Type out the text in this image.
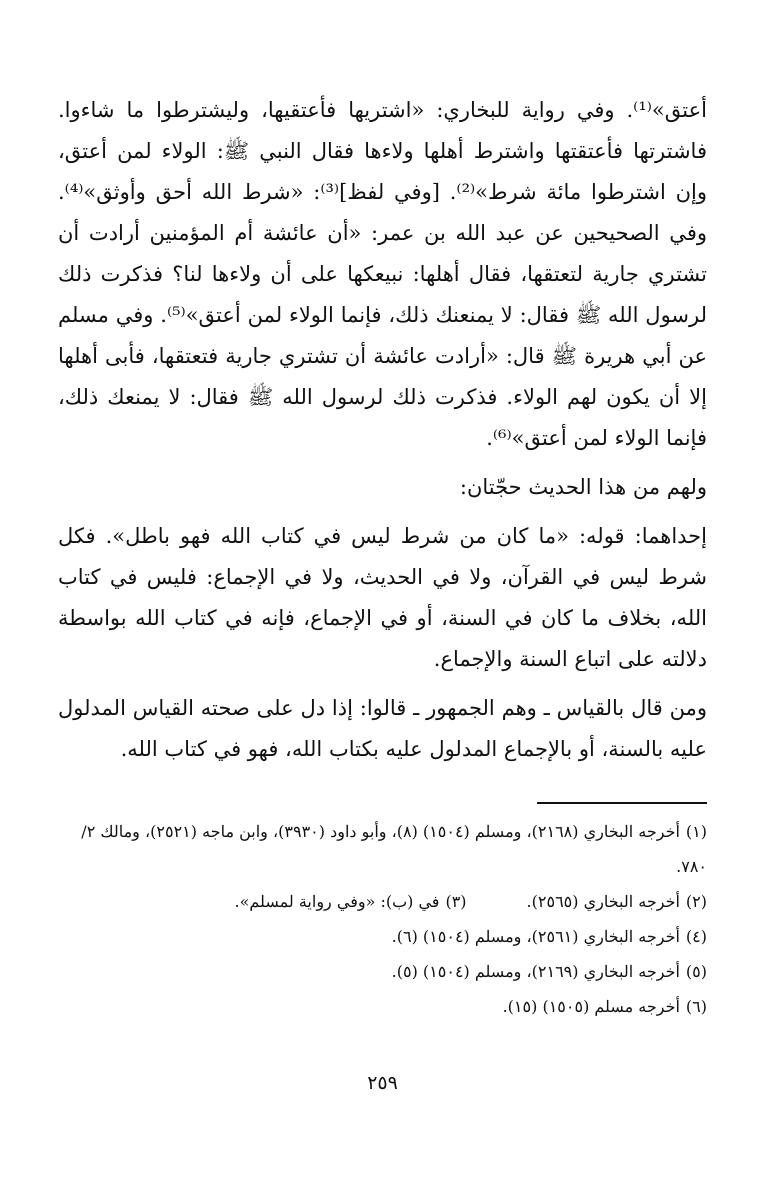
أعتق»⁽¹⁾. وفي رواية للبخاري: «اشتريها فأعتقيها، وليشترطوا ما شاءوا. فاشترتها فأعتقتها واشترط أهلها ولاءها فقال النبي ﷺ: الولاء لمن أعتق، وإن اشترطوا مائة شرط»⁽²⁾. [وفي لفظ]⁽³⁾: «شرط الله أحق وأوثق»⁽⁴⁾. وفي الصحيحين عن عبد الله بن عمر: «أن عائشة أم المؤمنين أرادت أن تشتري جارية لتعتقها، فقال أهلها: نبيعكها على أن ولاءها لنا؟ فذكرت ذلك لرسول الله ﷺ فقال: لا يمنعنك ذلك، فإنما الولاء لمن أعتق»⁽⁵⁾. وفي مسلم عن أبي هريرة ﷺ قال: «أرادت عائشة أن تشتري جارية فتعتقها، فأبى أهلها إلا أن يكون لهم الولاء. فذكرت ذلك لرسول الله ﷺ فقال: لا يمنعك ذلك، فإنما الولاء لمن أعتق»⁽⁶⁾.

ولهم من هذا الحديث حجّتان:

إحداهما: قوله: «ما كان من شرط ليس في كتاب الله فهو باطل». فكل شرط ليس في القرآن، ولا في الحديث، ولا في الإجماع: فليس في كتاب الله، بخلاف ما كان في السنة، أو في الإجماع، فإنه في كتاب الله بواسطة دلالته على اتباع السنة والإجماع.

ومن قال بالقياس ـ وهم الجمهور ـ قالوا: إذا دل على صحته القياس المدلول عليه بالسنة، أو بالإجماع المدلول عليه بكتاب الله، فهو في كتاب الله.

(١)أخرجه البخاري (٢١٦٨)، ومسلم (١٥٠٤) (٨)، وأبو داود (٣٩٣٠)، وابن ماجه (٢٥٢١)، ومالك ٢/ ٧٨٠.

(٢)أخرجه البخاري (٢٥٦٥).

(٣)في (ب): «وفي رواية لمسلم».

(٤)أخرجه البخاري (٢٥٦١)، ومسلم (١٥٠٤) (٦).

(٥)أخرجه البخاري (٢١٦٩)، ومسلم (١٥٠٤) (٥).

(٦)أخرجه مسلم (١٥٠٥) (١٥).

٢٥٩
